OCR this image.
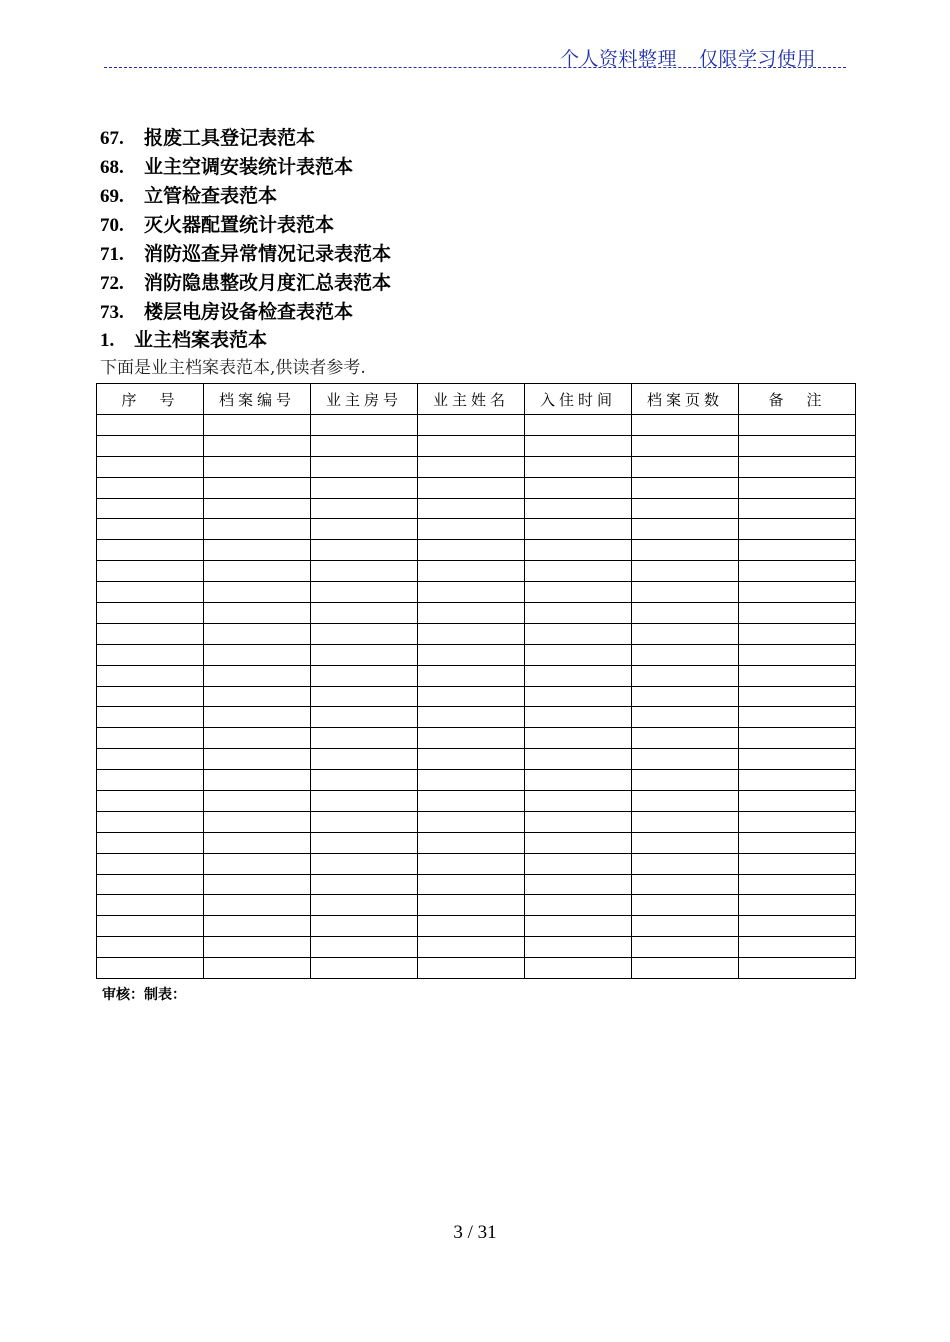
个人资料整理 仅限学习使用
67. 报废工具登记表范本
68. 业主空调安装统计表范本
69. 立管检查表范本
70. 灭火器配置统计表范本
71. 消防巡查异常情况记录表范本
72. 消防隐患整改月度汇总表范本
73. 楼层电房设备检查表范本
1. 业主档案表范本
下面是业主档案表范本,供读者参考.
序　号	档案编号	业主房号	业主姓名	入住时间	档案页数	备　注

审核：制表：
3 / 31
